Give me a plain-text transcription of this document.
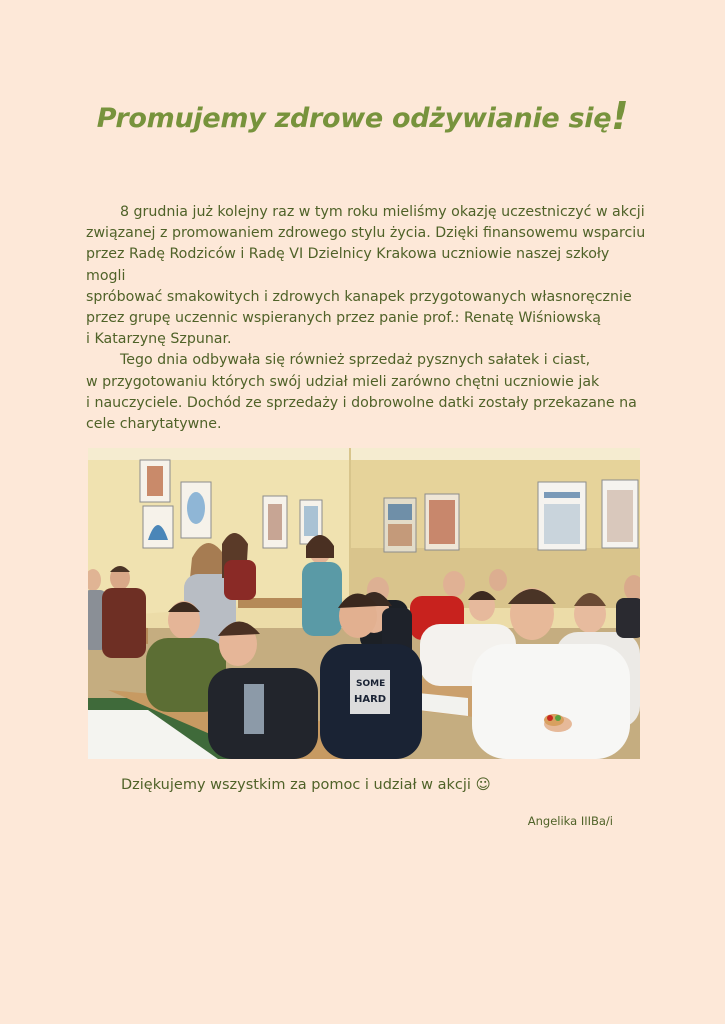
Promujemy zdrowe odżywianie się!

8 grudnia już kolejny raz w tym roku mieliśmy okazję uczestniczyć w akcji
związanej z promowaniem zdrowego stylu życia. Dzięki finansowemu wsparciu
przez Radę Rodziców i Radę VI Dzielnicy Krakowa uczniowie naszej szkoły mogli
spróbować smakowitych i zdrowych kanapek przygotowanych własnoręcznie
przez grupę uczennic wspieranych przez panie prof.: Renatę Wiśniowską
i Katarzynę Szpunar.

Tego dnia odbywała się również sprzedaż pysznych sałatek i ciast,
w przygotowaniu których swój udział mieli zarówno chętni uczniowie jak
i nauczyciele. Dochód ze sprzedaży i dobrowolne datki zostały przekazane na
cele charytatywne.

SOME
HARD
Dziękujemy wszystkim za pomoc i udział w akcji ☺
Angelika IIIBa/i
